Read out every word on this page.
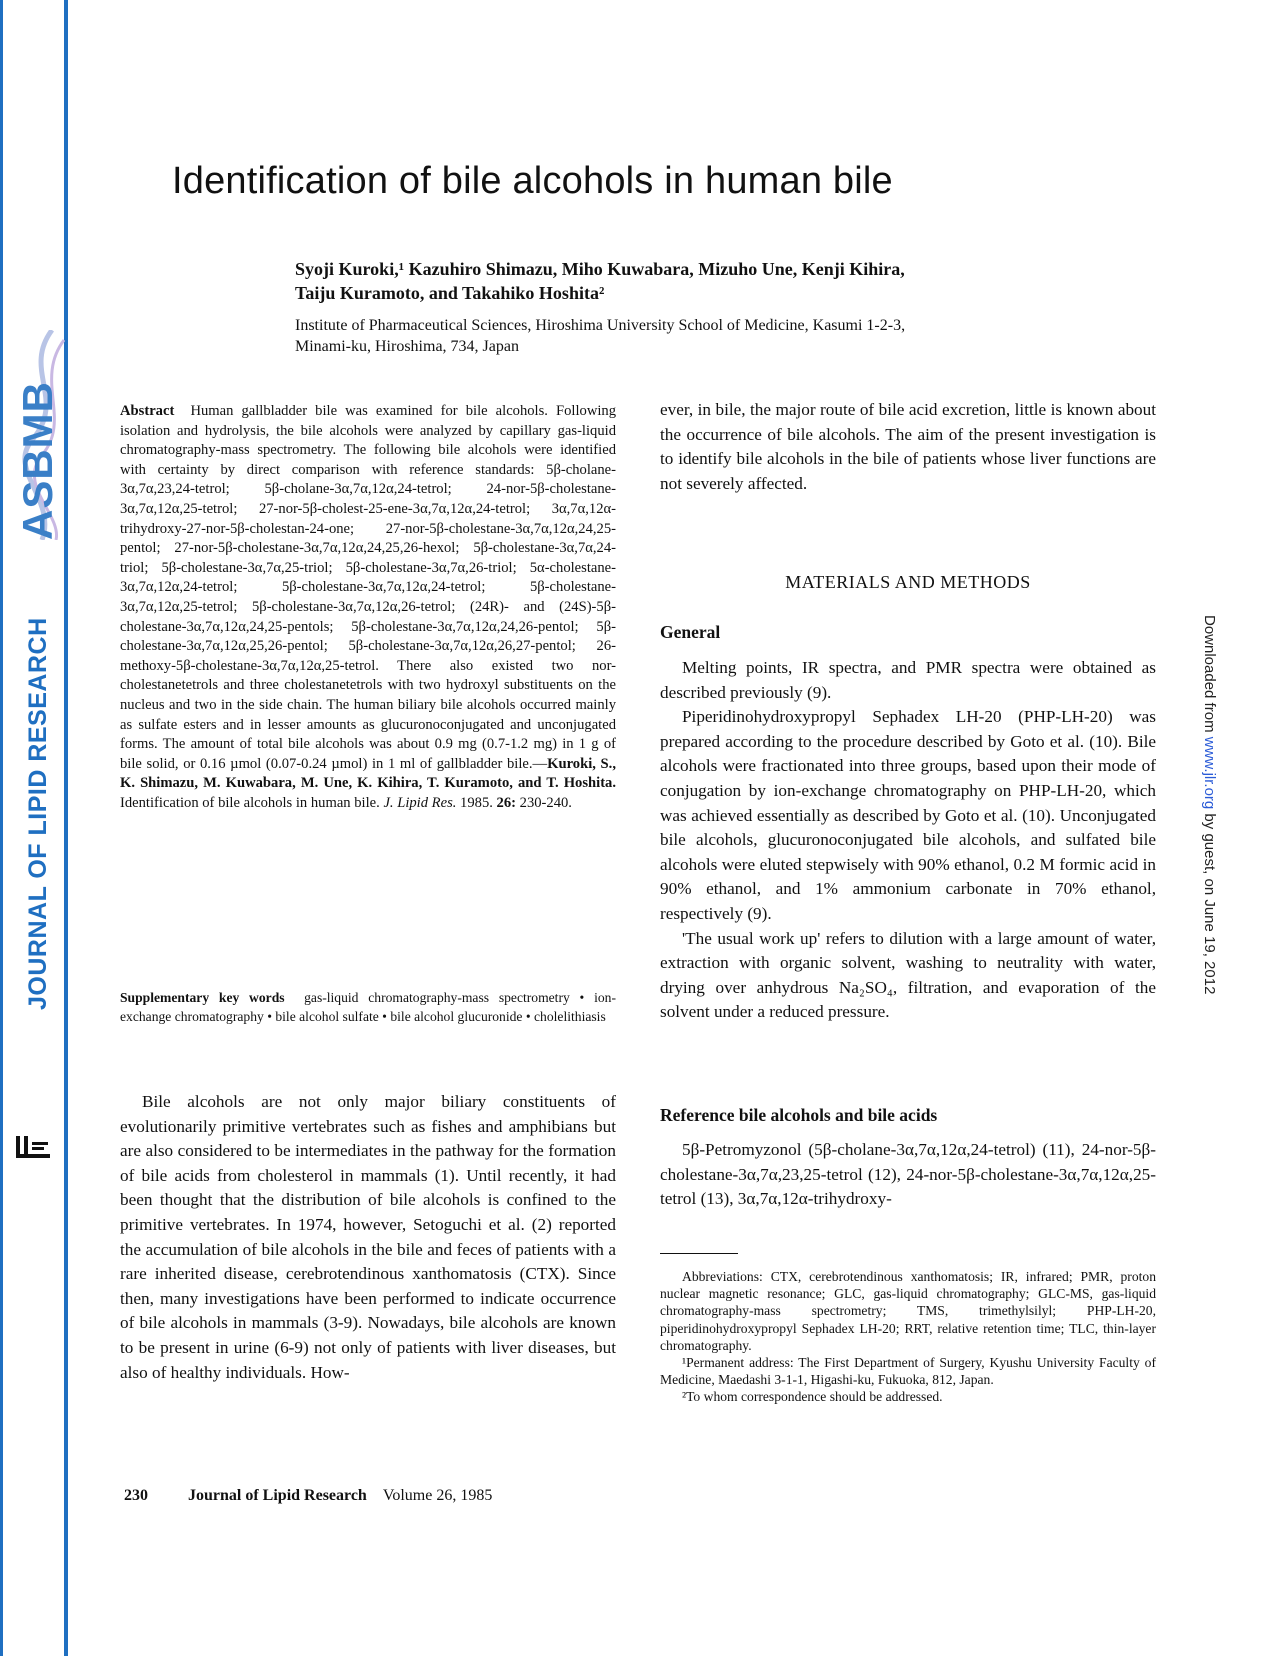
ASBMB
JOURNAL OF LIPID RESEARCH	Downloaded from www.jlr.org by guest, on June 19, 2012
Identification of bile alcohols in human bile
Syoji Kuroki,¹ Kazuhiro Shimazu, Miho Kuwabara, Mizuho Une, Kenji Kihira,
Taiju Kuramoto, and Takahiko Hoshita²
Institute of Pharmaceutical Sciences, Hiroshima University School of Medicine, Kasumi 1-2-3,
Minami-ku, Hiroshima, 734, Japan
Abstract Human gallbladder bile was examined for bile alcohols. Following isolation and hydrolysis, the bile alcohols were analyzed by capillary gas-liquid chromatography-mass spectrometry. The following bile alcohols were identified with certainty by direct comparison with reference standards: 5β-cholane-3α,7α,23,24-tetrol; 5β-cholane-3α,7α,12α,24-tetrol; 24-nor-5β-cholestane-3α,7α,12α,25-tetrol; 27-nor-5β-cholest-25-ene-3α,7α,12α,24-tetrol; 3α,7α,12α-trihydroxy-27-nor-5β-cholestan-24-one; 27-nor-5β-cholestane-3α,7α,12α,24,25-pentol; 27-nor-5β-cholestane-3α,7α,12α,24,25,26-hexol; 5β-cholestane-3α,7α,24-triol; 5β-cholestane-3α,7α,25-triol; 5β-cholestane-3α,7α,26-triol; 5α-cholestane-3α,7α,12α,24-tetrol; 5β-cholestane-3α,7α,12α,24-tetrol; 5β-cholestane-3α,7α,12α,25-tetrol; 5β-cholestane-3α,7α,12α,26-tetrol; (24R)- and (24S)-5β-cholestane-3α,7α,12α,24,25-pentols; 5β-cholestane-3α,7α,12α,24,26-pentol; 5β-cholestane-3α,7α,12α,25,26-pentol; 5β-cholestane-3α,7α,12α,26,27-pentol; 26-methoxy-5β-cholestane-3α,7α,12α,25-tetrol. There also existed two nor-cholestanetetrols and three cholestanetetrols with two hydroxyl substituents on the nucleus and two in the side chain. The human biliary bile alcohols occurred mainly as sulfate esters and in lesser amounts as glucuronoconjugated and unconjugated forms. The amount of total bile alcohols was about 0.9 mg (0.7-1.2 mg) in 1 g of bile solid, or 0.16 µmol (0.07-0.24 µmol) in 1 ml of gallbladder bile.—Kuroki, S., K. Shimazu, M. Kuwabara, M. Une, K. Kihira, T. Kuramoto, and T. Hoshita. Identification of bile alcohols in human bile. J. Lipid Res. 1985. 26: 230-240.
Supplementary key words gas-liquid chromatography-mass spectrometry • ion-exchange chromatography • bile alcohol sulfate • bile alcohol glucuronide • cholelithiasis
Bile alcohols are not only major biliary constituents of evolutionarily primitive vertebrates such as fishes and amphibians but are also considered to be intermediates in the pathway for the formation of bile acids from cholesterol in mammals (1). Until recently, it had been thought that the distribution of bile alcohols is confined to the primitive vertebrates. In 1974, however, Setoguchi et al. (2) reported the accumulation of bile alcohols in the bile and feces of patients with a rare inherited disease, cerebrotendinous xanthomatosis (CTX). Since then, many investigations have been performed to indicate occurrence of bile alcohols in mammals (3-9). Nowadays, bile alcohols are known to be present in urine (6-9) not only of patients with liver diseases, but also of healthy individuals. How-
ever, in bile, the major route of bile acid excretion, little is known about the occurrence of bile alcohols. The aim of the present investigation is to identify bile alcohols in the bile of patients whose liver functions are not severely affected.
MATERIALS AND METHODS
General

Melting points, IR spectra, and PMR spectra were obtained as described previously (9).

Piperidinohydroxypropyl Sephadex LH-20 (PHP-LH-20) was prepared according to the procedure described by Goto et al. (10). Bile alcohols were fractionated into three groups, based upon their mode of conjugation by ion-exchange chromatography on PHP-LH-20, which was achieved essentially as described by Goto et al. (10). Unconjugated bile alcohols, glucuronoconjugated bile alcohols, and sulfated bile alcohols were eluted stepwisely with 90% ethanol, 0.2 M formic acid in 90% ethanol, and 1% ammonium carbonate in 70% ethanol, respectively (9).

'The usual work up' refers to dilution with a large amount of water, extraction with organic solvent, washing to neutrality with water, drying over anhydrous Na₂SO₄, filtration, and evaporation of the solvent under a reduced pressure.

Reference bile alcohols and bile acids
5β-Petromyzonol (5β-cholane-3α,7α,12α,24-tetrol) (11), 24-nor-5β-cholestane-3α,7α,23,25-tetrol (12), 24-nor-5β-cholestane-3α,7α,12α,25-tetrol (13), 3α,7α,12α-trihydroxy-

Abbreviations: CTX, cerebrotendinous xanthomatosis; IR, infrared; PMR, proton nuclear magnetic resonance; GLC, gas-liquid chromatography; GLC-MS, gas-liquid chromatography-mass spectrometry; TMS, trimethylsilyl; PHP-LH-20, piperidinohydroxypropyl Sephadex LH-20; RRT, relative retention time; TLC, thin-layer chromatography.

¹Permanent address: The First Department of Surgery, Kyushu University Faculty of Medicine, Maedashi 3-1-1, Higashi-ku, Fukuoka, 812, Japan.

²To whom correspondence should be addressed.

230	Journal of Lipid Research Volume 26, 1985
